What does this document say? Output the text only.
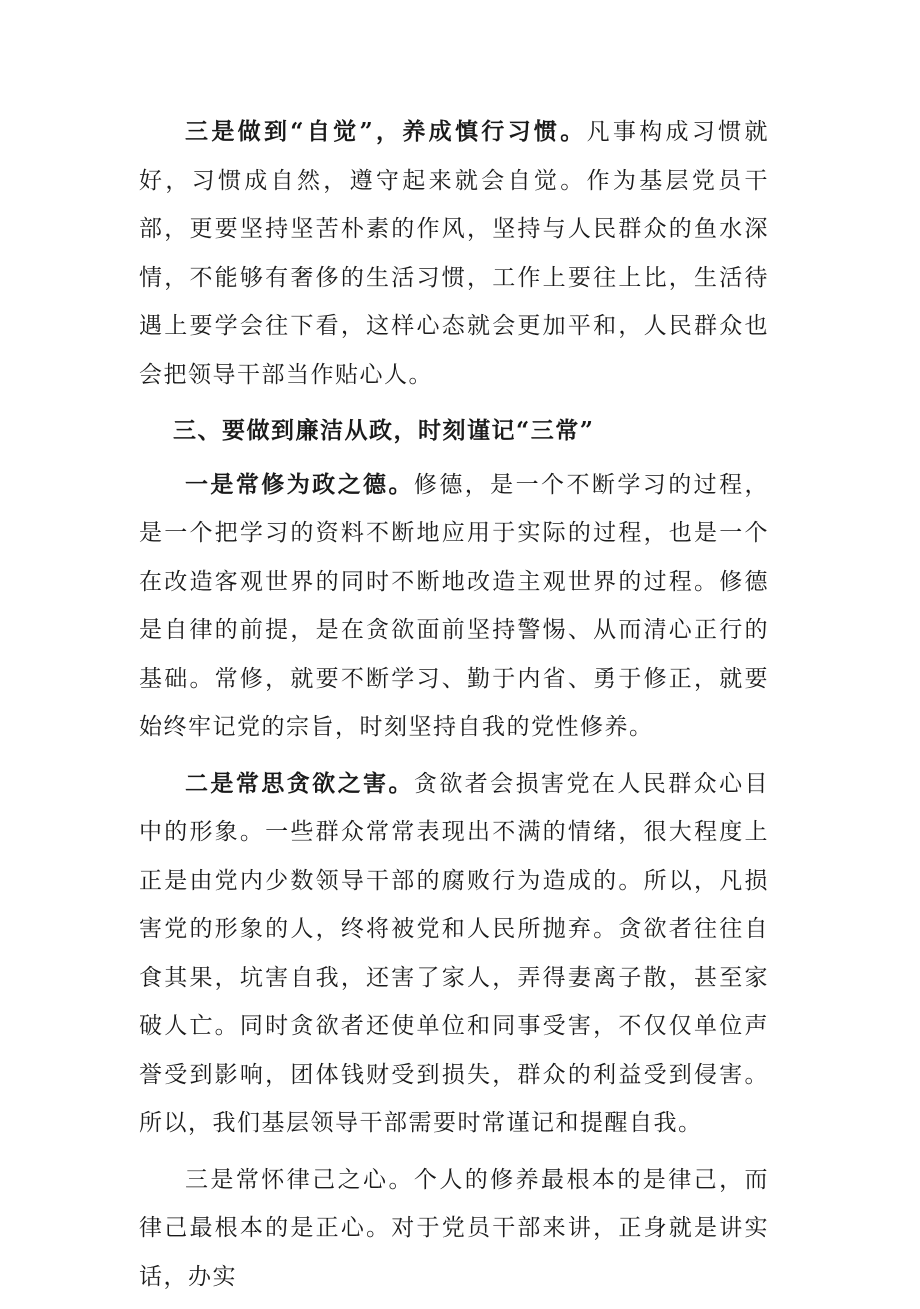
三是做到“自觉”，养成慎行习惯。凡事构成习惯就好，习惯成自然，遵守起来就会自觉。作为基层党员干部，更要坚持坚苦朴素的作风，坚持与人民群众的鱼水深情，不能够有奢侈的生活习惯，工作上要往上比，生活待遇上要学会往下看，这样心态就会更加平和，人民群众也会把领导干部当作贴心人。

三、要做到廉洁从政，时刻谨记“三常”

一是常修为政之德。修德，是一个不断学习的过程，是一个把学习的资料不断地应用于实际的过程，也是一个在改造客观世界的同时不断地改造主观世界的过程。修德是自律的前提，是在贪欲面前坚持警惕、从而清心正行的基础。常修，就要不断学习、勤于内省、勇于修正，就要始终牢记党的宗旨，时刻坚持自我的党性修养。

二是常思贪欲之害。贪欲者会损害党在人民群众心目中的形象。一些群众常常表现出不满的情绪，很大程度上正是由党内少数领导干部的腐败行为造成的。所以，凡损害党的形象的人，终将被党和人民所抛弃。贪欲者往往自食其果，坑害自我，还害了家人，弄得妻离子散，甚至家破人亡。同时贪欲者还使单位和同事受害，不仅仅单位声誉受到影响，团体钱财受到损失，群众的利益受到侵害。所以，我们基层领导干部需要时常谨记和提醒自我。

三是常怀律己之心。个人的修养最根本的是律己，而律己最根本的是正心。对于党员干部来讲，正身就是讲实话，办实
